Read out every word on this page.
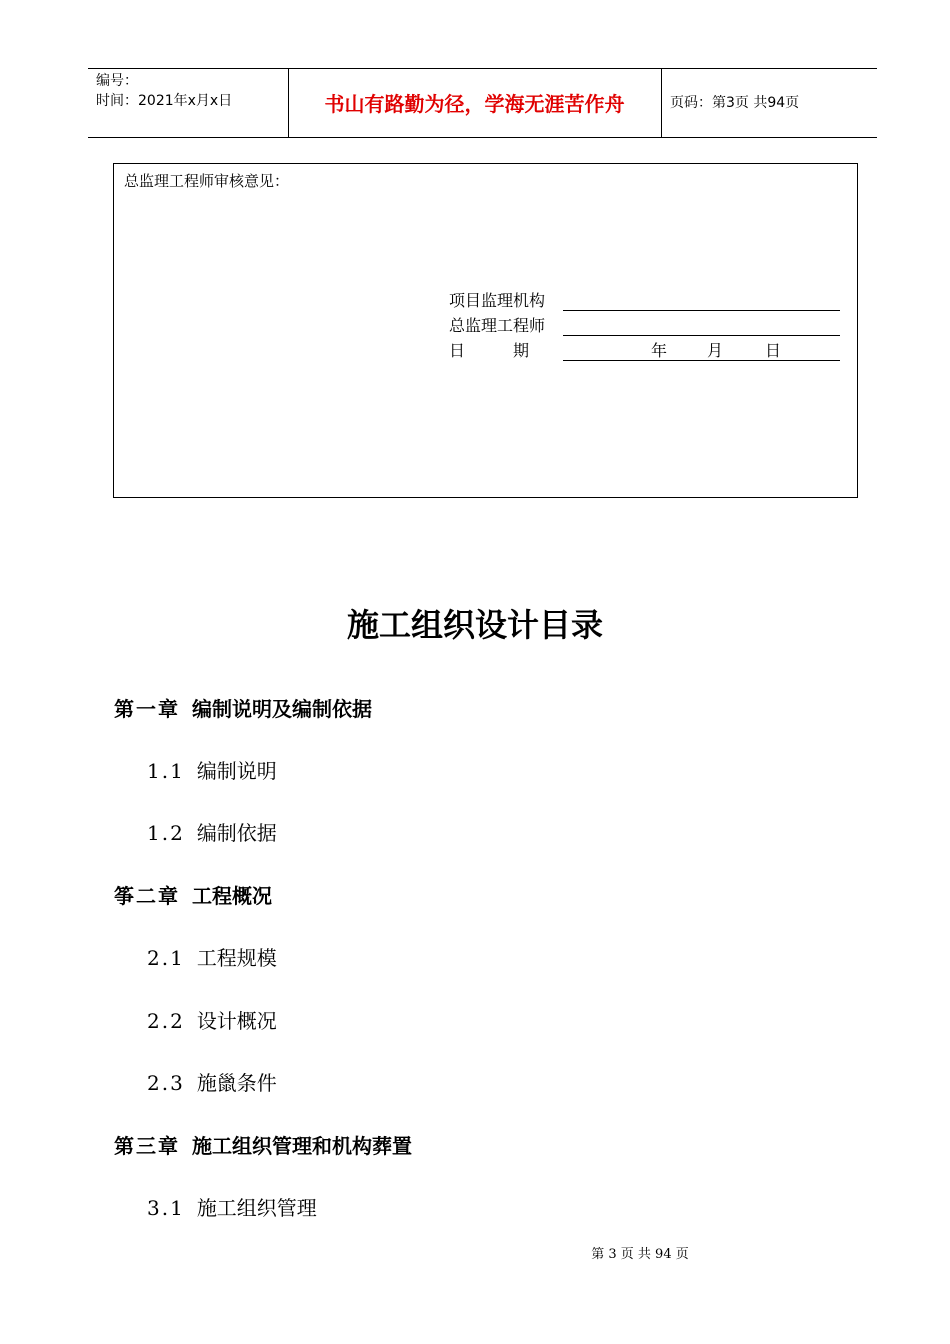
编号：
时间：2021年x月x日	书山有路勤为径，学海无涯苦作舟	页码：第3页 共94页
总监理工程师审核意见：
项目监理机构
总监理工程师
日　　　期	年 月	日
施工组织设计目录
第一章 编制说明及编制依据
1.1 编制说明
1.2 编制依据
筝二章 工程概况
2.1 工程规模
2.2 设计概况
2.3 施巤条件
第三章 施工组织管理和机构葬置
3.1 施工组织管理
第 3 页 共 94 页
